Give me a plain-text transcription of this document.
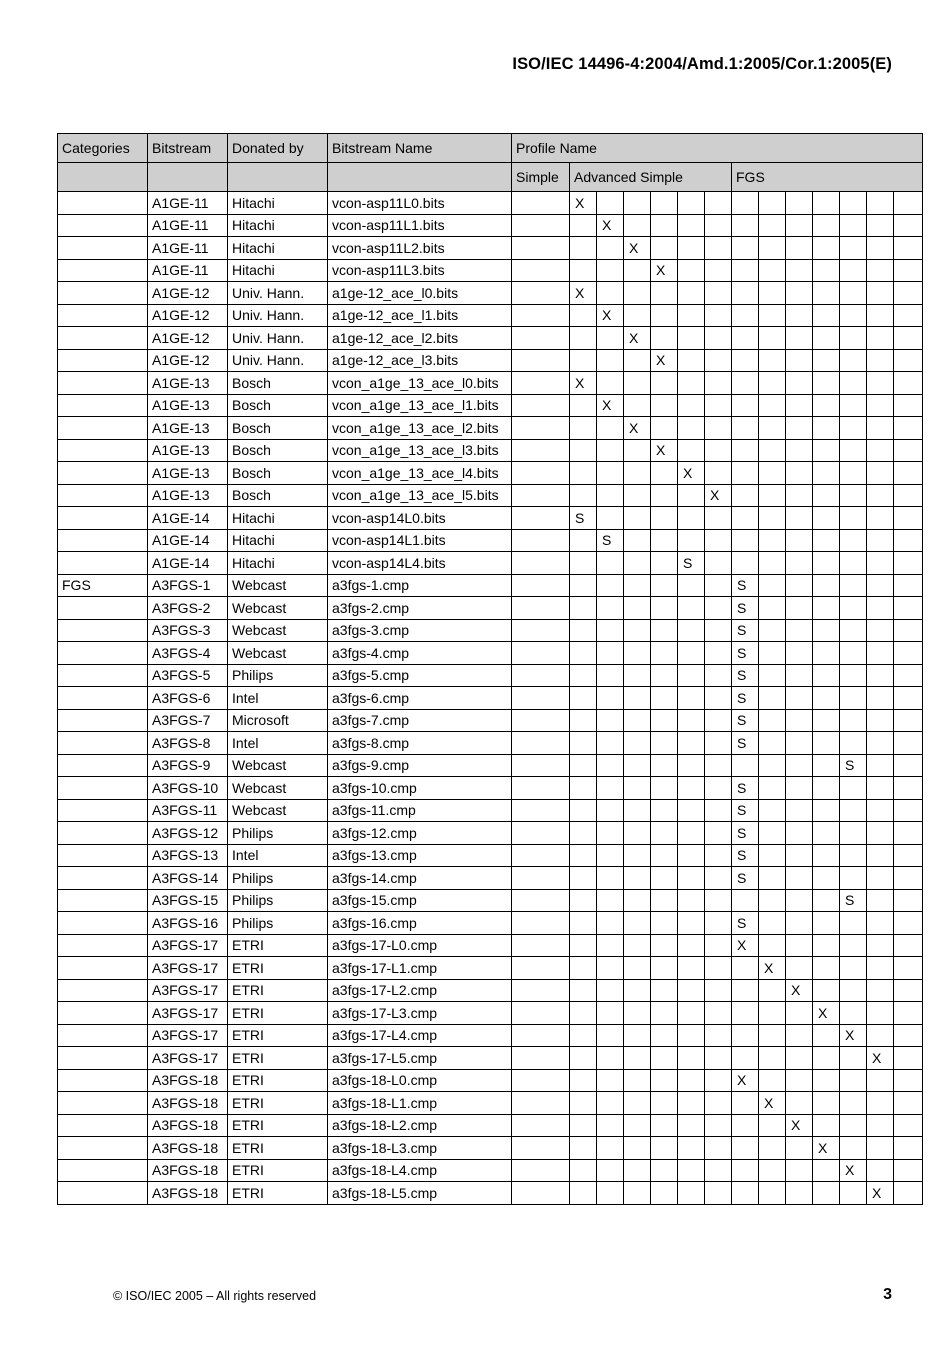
ISO/IEC 14496-4:2004/Amd.1:2005/Cor.1:2005(E)
Categories	Bitstream	Donated by	Bitstream Name	Profile Name													
				Simple	Advanced Simple						FGS						
	A1GE-11	Hitachi	vcon-asp11L0.bits		X												
	A1GE-11	Hitachi	vcon-asp11L1.bits			X											
	A1GE-11	Hitachi	vcon-asp11L2.bits				X										
	A1GE-11	Hitachi	vcon-asp11L3.bits					X									
	A1GE-12	Univ. Hann.	a1ge-12_ace_l0.bits		X												
	A1GE-12	Univ. Hann.	a1ge-12_ace_l1.bits			X											
	A1GE-12	Univ. Hann.	a1ge-12_ace_l2.bits				X										
	A1GE-12	Univ. Hann.	a1ge-12_ace_l3.bits					X									
	A1GE-13	Bosch	vcon_a1ge_13_ace_l0.bits		X												
	A1GE-13	Bosch	vcon_a1ge_13_ace_l1.bits			X											
	A1GE-13	Bosch	vcon_a1ge_13_ace_l2.bits				X										
	A1GE-13	Bosch	vcon_a1ge_13_ace_l3.bits					X									
	A1GE-13	Bosch	vcon_a1ge_13_ace_l4.bits						X								
	A1GE-13	Bosch	vcon_a1ge_13_ace_l5.bits							X							
	A1GE-14	Hitachi	vcon-asp14L0.bits		S												
	A1GE-14	Hitachi	vcon-asp14L1.bits			S											
	A1GE-14	Hitachi	vcon-asp14L4.bits						S								
FGS	A3FGS-1	Webcast	a3fgs-1.cmp								S						
	A3FGS-2	Webcast	a3fgs-2.cmp								S						
	A3FGS-3	Webcast	a3fgs-3.cmp								S						
	A3FGS-4	Webcast	a3fgs-4.cmp								S						
	A3FGS-5	Philips	a3fgs-5.cmp								S						
	A3FGS-6	Intel	a3fgs-6.cmp								S						
	A3FGS-7	Microsoft	a3fgs-7.cmp								S						
	A3FGS-8	Intel	a3fgs-8.cmp								S						
	A3FGS-9	Webcast	a3fgs-9.cmp												S		
	A3FGS-10	Webcast	a3fgs-10.cmp								S						
	A3FGS-11	Webcast	a3fgs-11.cmp								S						
	A3FGS-12	Philips	a3fgs-12.cmp								S						
	A3FGS-13	Intel	a3fgs-13.cmp								S						
	A3FGS-14	Philips	a3fgs-14.cmp								S						
	A3FGS-15	Philips	a3fgs-15.cmp												S		
	A3FGS-16	Philips	a3fgs-16.cmp								S						
	A3FGS-17	ETRI	a3fgs-17-L0.cmp								X						
	A3FGS-17	ETRI	a3fgs-17-L1.cmp									X					
	A3FGS-17	ETRI	a3fgs-17-L2.cmp										X				
	A3FGS-17	ETRI	a3fgs-17-L3.cmp											X			
	A3FGS-17	ETRI	a3fgs-17-L4.cmp												X		
	A3FGS-17	ETRI	a3fgs-17-L5.cmp													X	
	A3FGS-18	ETRI	a3fgs-18-L0.cmp								X						
	A3FGS-18	ETRI	a3fgs-18-L1.cmp									X					
	A3FGS-18	ETRI	a3fgs-18-L2.cmp										X				
	A3FGS-18	ETRI	a3fgs-18-L3.cmp											X			
	A3FGS-18	ETRI	a3fgs-18-L4.cmp												X		
	A3FGS-18	ETRI	a3fgs-18-L5.cmp													X	
© ISO/IEC 2005 – All rights reserved	3
